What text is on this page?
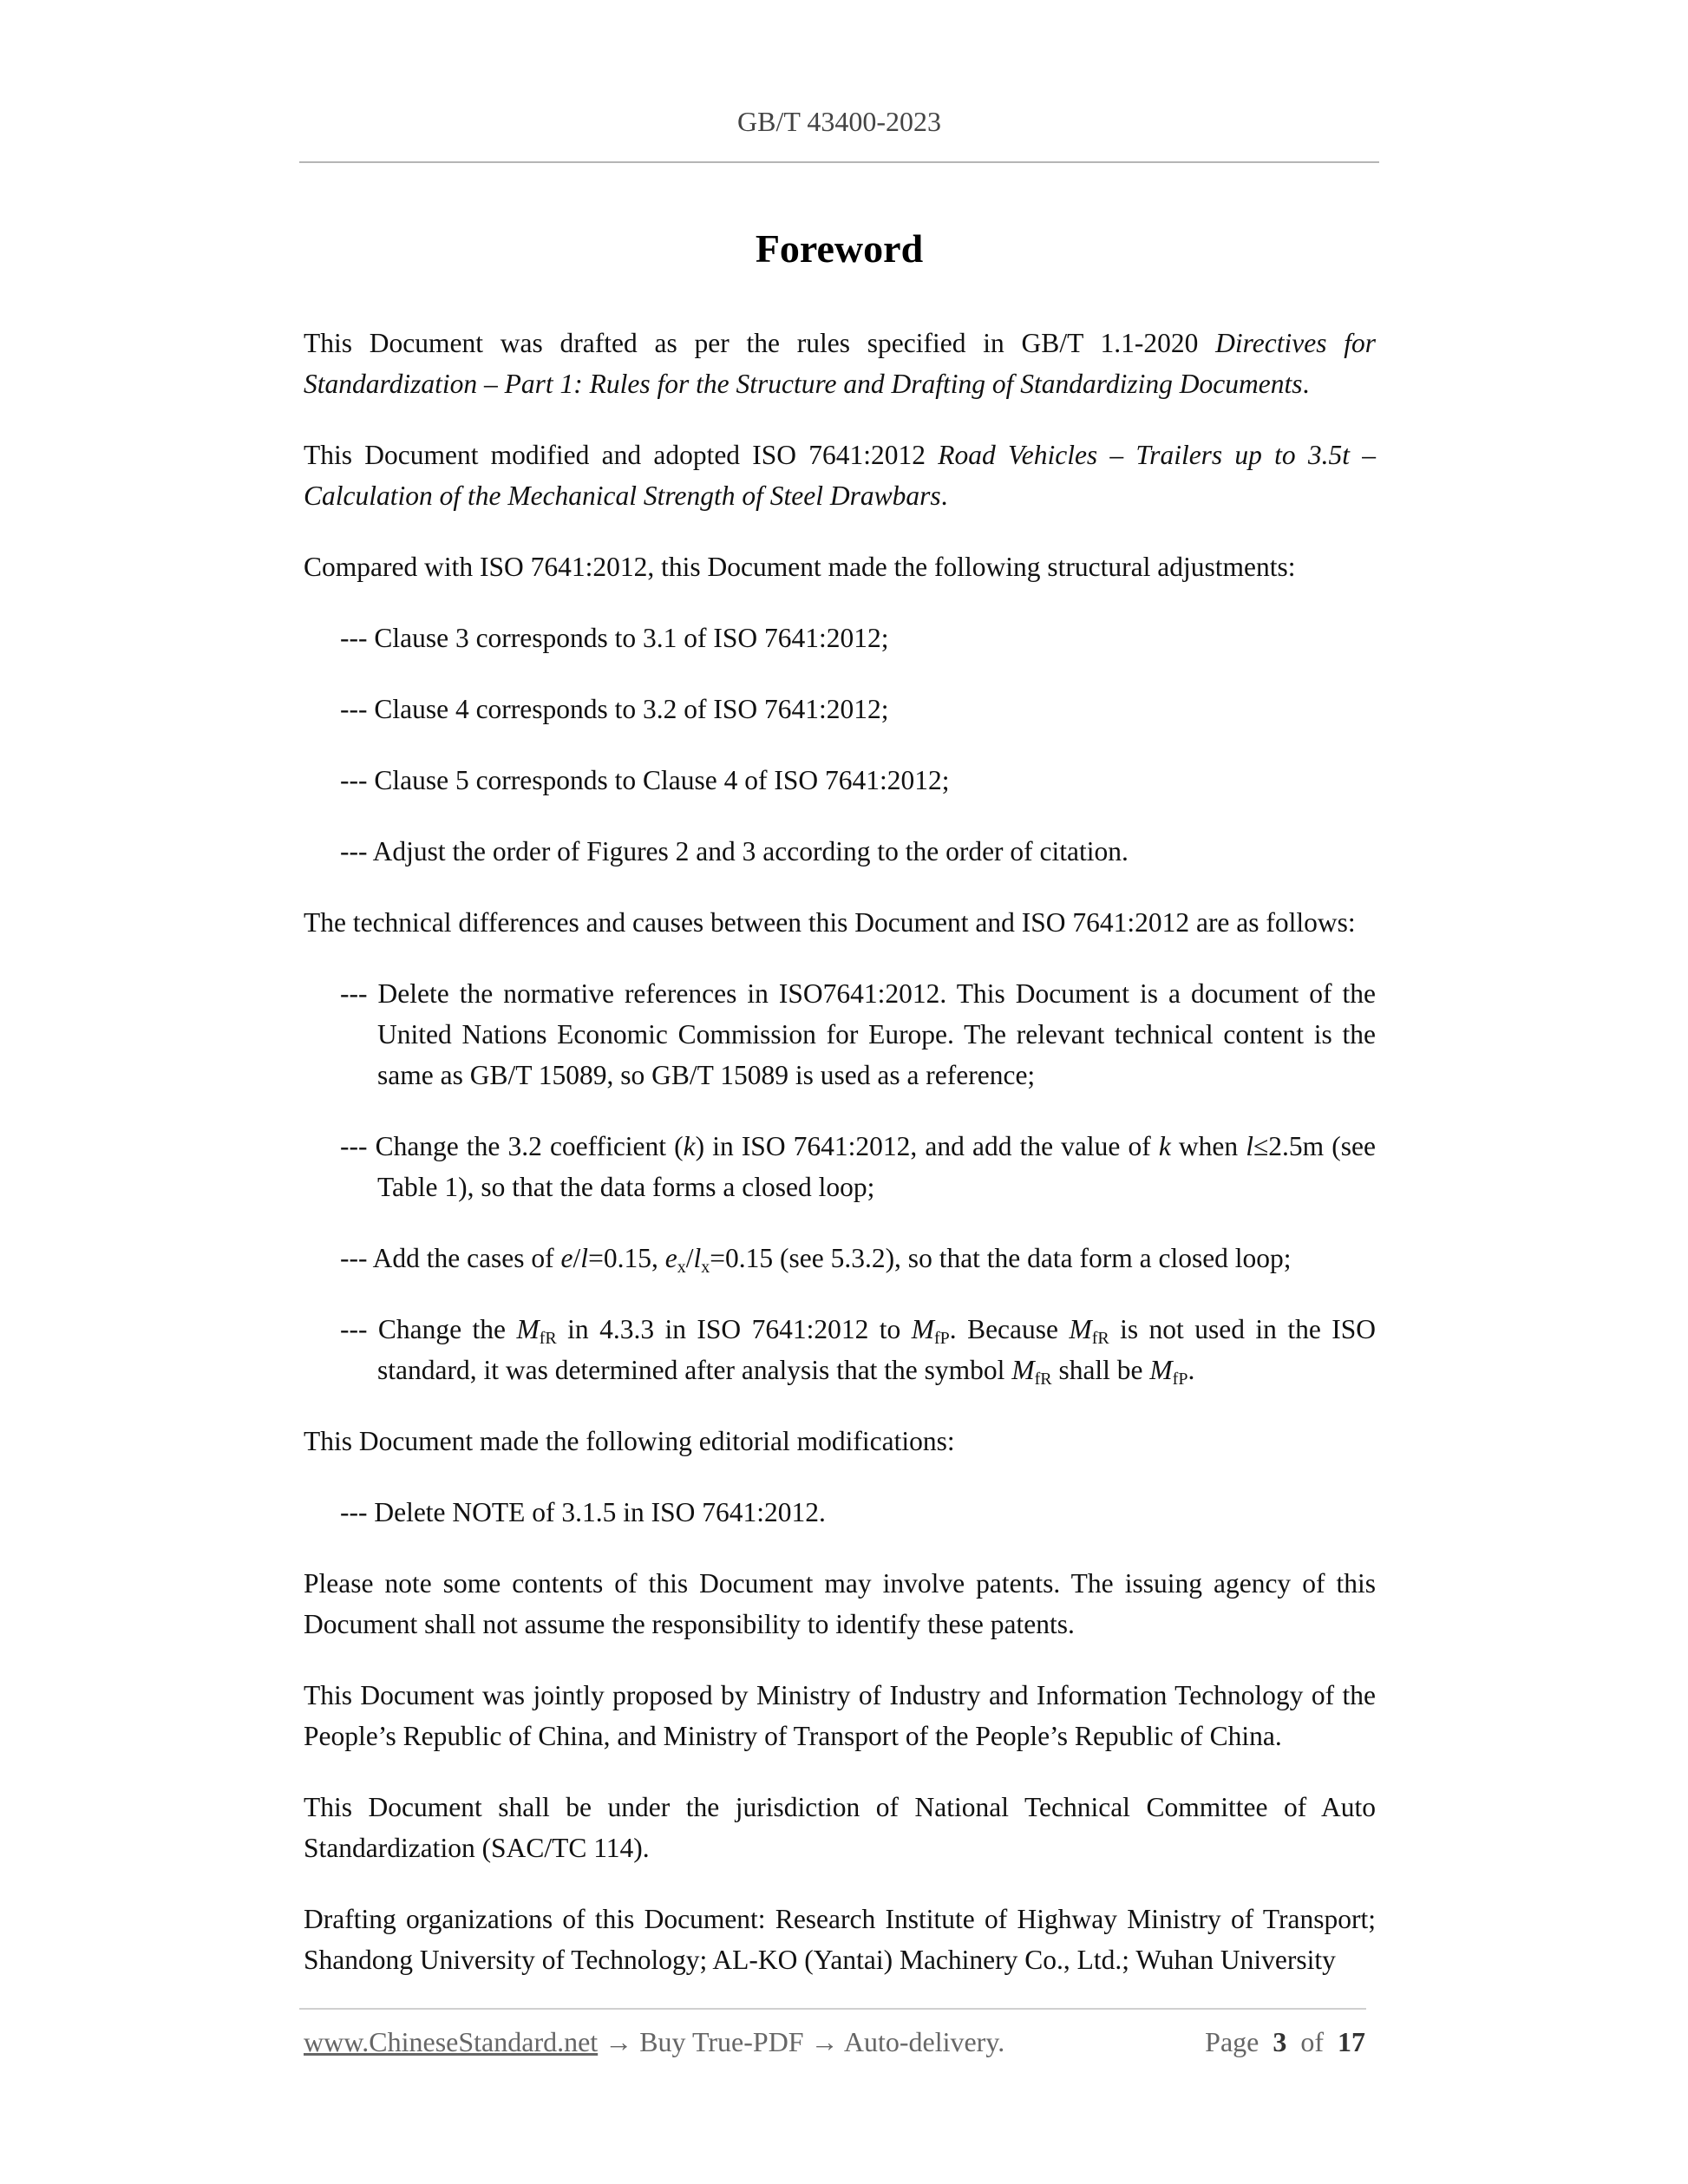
GB/T 43400-2023
Foreword

This Document was drafted as per the rules specified in GB/T 1.1-2020 Directives for Standardization – Part 1: Rules for the Structure and Drafting of Standardizing Documents.

This Document modified and adopted ISO 7641:2012 Road Vehicles – Trailers up to 3.5t – Calculation of the Mechanical Strength of Steel Drawbars.

Compared with ISO 7641:2012, this Document made the following structural adjustments:

--- Clause 3 corresponds to 3.1 of ISO 7641:2012;

--- Clause 4 corresponds to 3.2 of ISO 7641:2012;

--- Clause 5 corresponds to Clause 4 of ISO 7641:2012;

--- Adjust the order of Figures 2 and 3 according to the order of citation.

The technical differences and causes between this Document and ISO 7641:2012 are as follows:

--- Delete the normative references in ISO7641:2012. This Document is a document of the United Nations Economic Commission for Europe. The relevant technical content is the same as GB/T 15089, so GB/T 15089 is used as a reference;

--- Change the 3.2 coefficient (k) in ISO 7641:2012, and add the value of k when l≤2.5m (see Table 1), so that the data forms a closed loop;

--- Add the cases of e/l=0.15, $e_x/l_x=0.15$ (see 5.3.2), so that the data form a closed loop;

--- Change the $M_{fR}$ in 4.3.3 in ISO 7641:2012 to $M_{fP}$. Because $M_{fR}$ is not used in the ISO standard, it was determined after analysis that the symbol $M_{fR}$ shall be $M_{fP}$.

This Document made the following editorial modifications:

--- Delete NOTE of 3.1.5 in ISO 7641:2012.

Please note some contents of this Document may involve patents. The issuing agency of this Document shall not assume the responsibility to identify these patents.

This Document was jointly proposed by Ministry of Industry and Information Technology of the People’s Republic of China, and Ministry of Transport of the People’s Republic of China.

This Document shall be under the jurisdiction of National Technical Committee of Auto Standardization (SAC/TC 114).

Drafting organizations of this Document: Research Institute of Highway Ministry of Transport; Shandong University of Technology; AL-KO (Yantai) Machinery Co., Ltd.; Wuhan University

www.ChineseStandard.net → Buy True-PDF → Auto-delivery.	Page 3 of 17
